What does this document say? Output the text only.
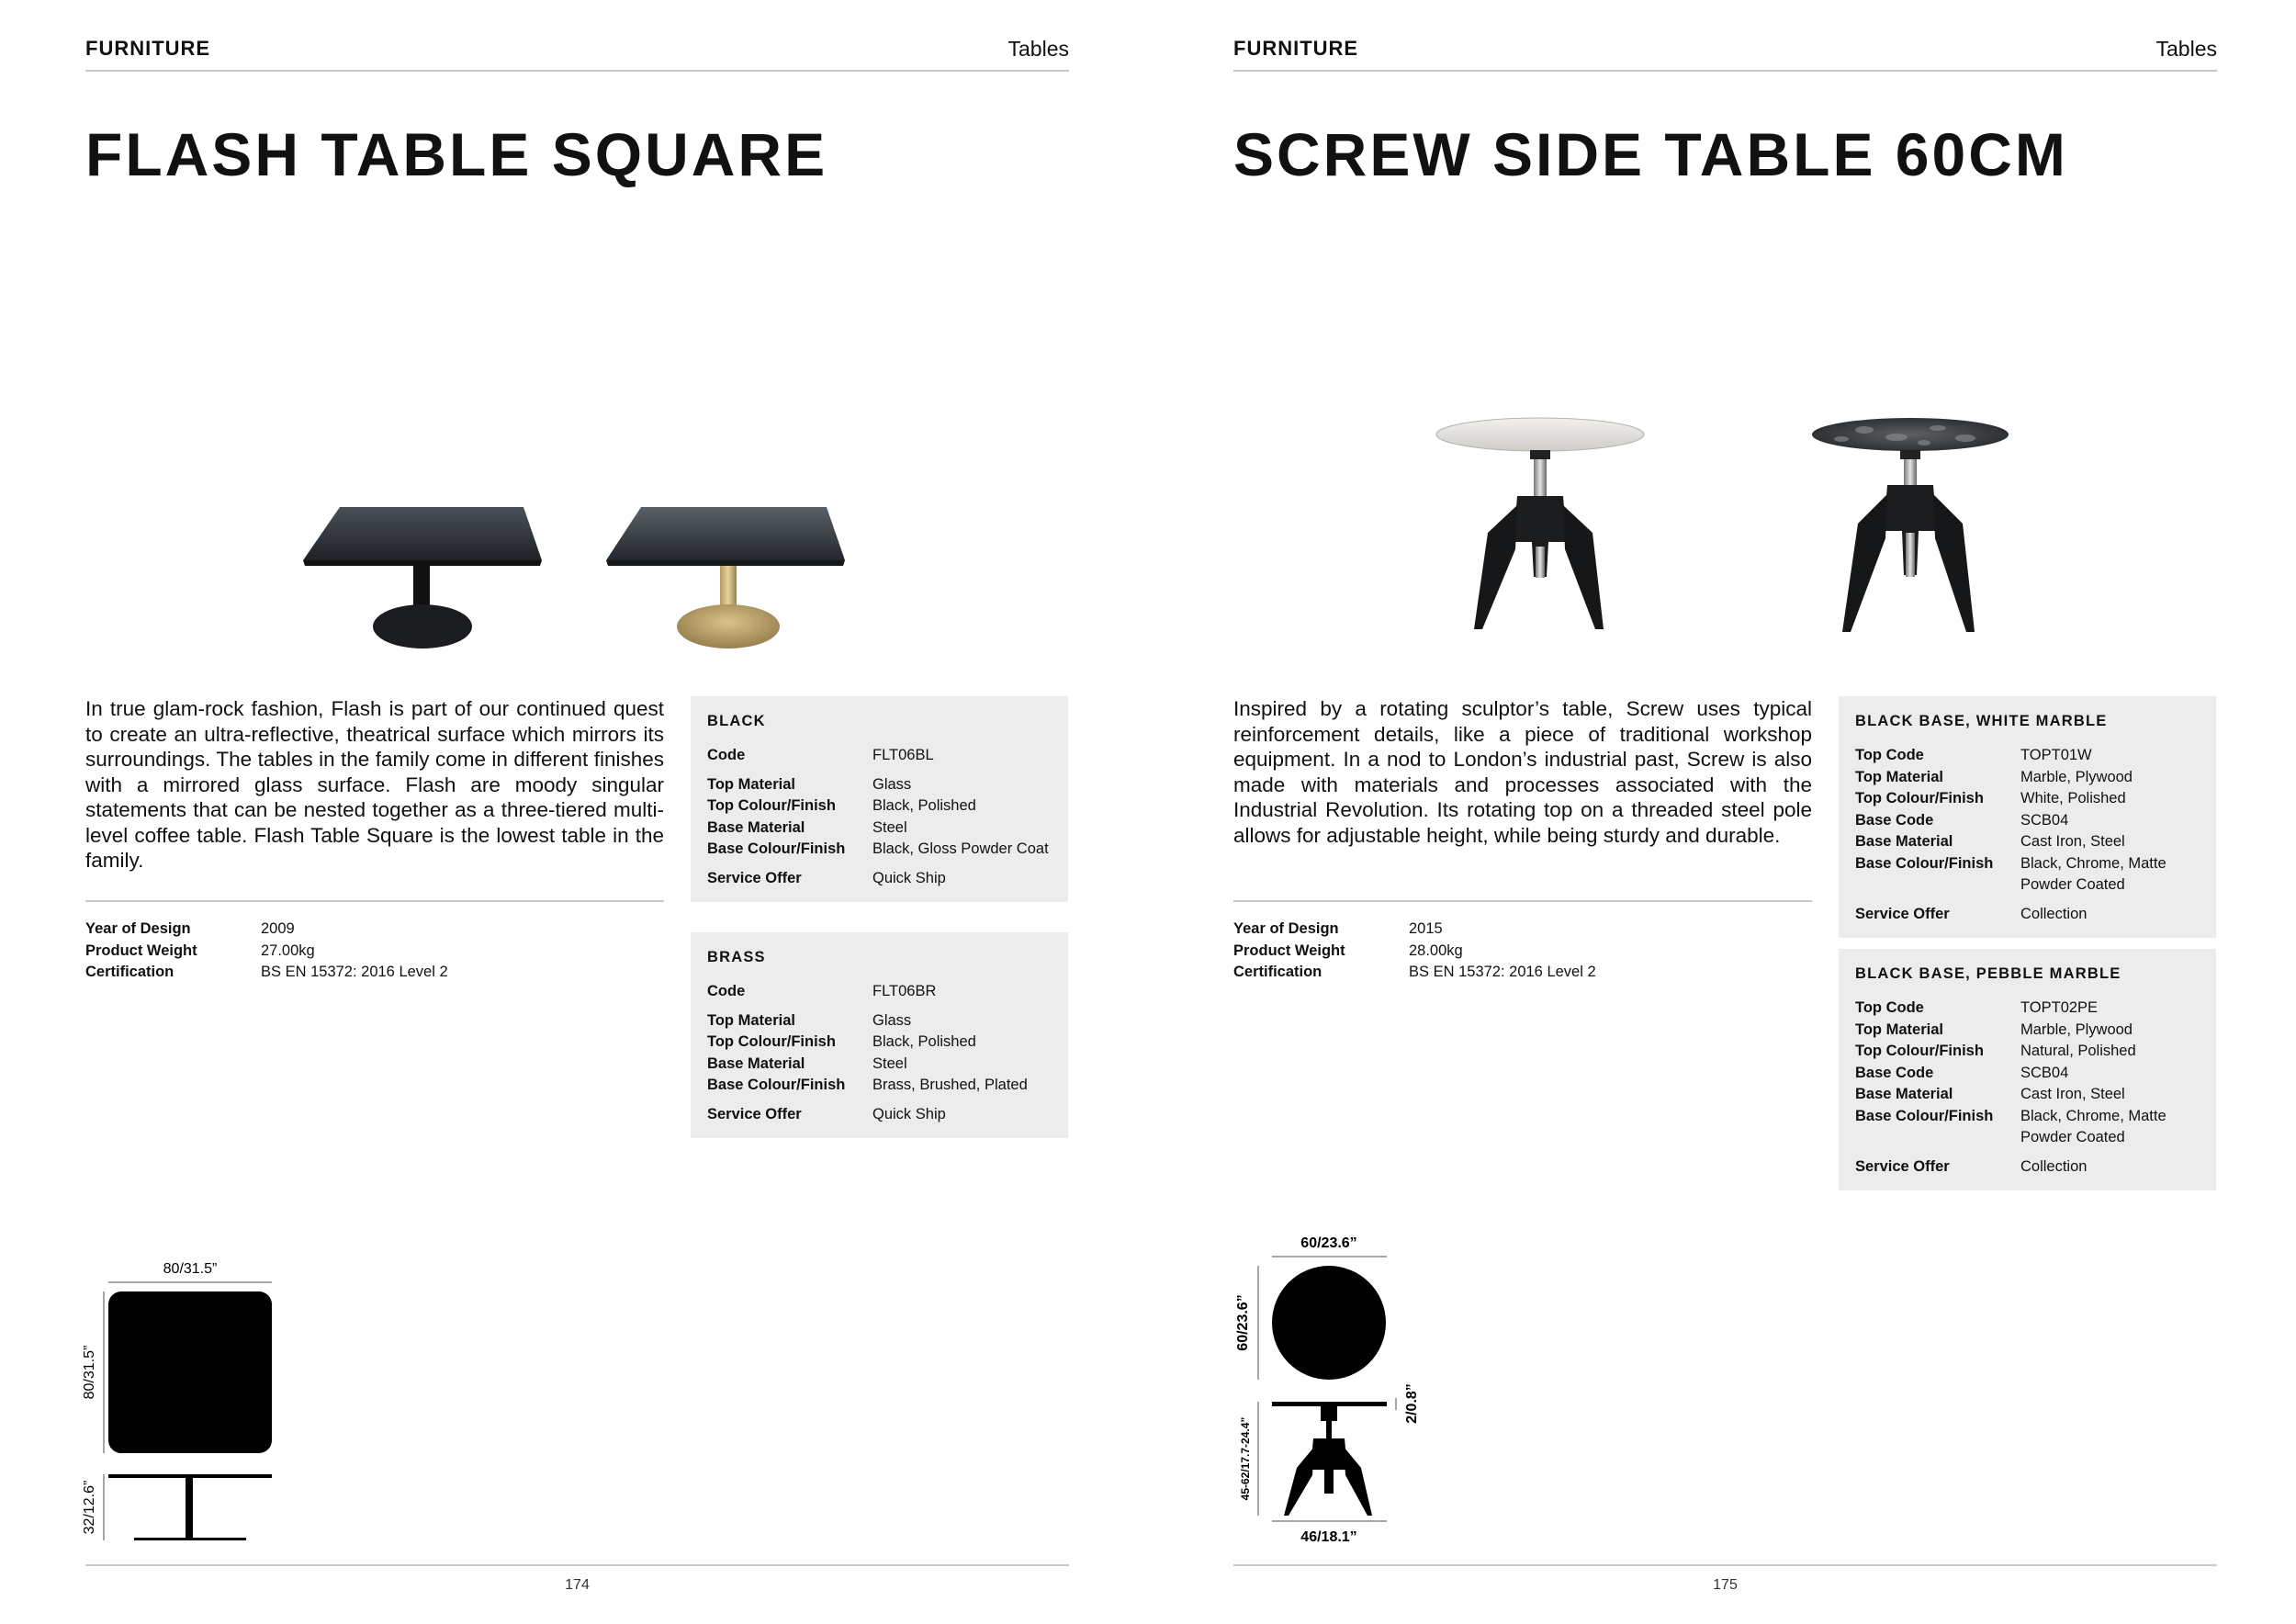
FURNITURE	Tables
FLASH TABLE SQUARE
In true glam-rock fashion, Flash is part of our continued quest to create an ultra-reflective, theatrical surface which mirrors its surroundings. The tables in the family come in different finishes with a mirrored glass surface. Flash are moody singular statements that can be nested together as a three-tiered multi-level coffee table. Flash Table Square is the lowest table in the family.
Year of Design	2009
Product Weight	27.00kg
Certification	BS EN 15372: 2016 Level 2
BLACK
Code	FLT06BL
Top Material	Glass
Top Colour/Finish	Black, Polished
Base Material	Steel
Base Colour/Finish	Black, Gloss Powder Coat
Service Offer	Quick Ship
BRASS
Code	FLT06BR
Top Material	Glass
Top Colour/Finish	Black, Polished
Base Material	Steel
Base Colour/Finish	Brass, Brushed, Plated
Service Offer	Quick Ship
80/31.5”
80/31.5”
32/12.6”
174
FURNITURE	Tables
SCREW SIDE TABLE 60CM
Inspired by a rotating sculptor’s table, Screw uses typical reinforcement details, like a piece of traditional workshop equipment. In a nod to London’s industrial past, Screw is also made with materials and processes associated with the Industrial Revolution. Its rotating top on a threaded steel pole allows for adjustable height, while being sturdy and durable.
Year of Design	2015
Product Weight	28.00kg
Certification	BS EN 15372: 2016 Level 2
BLACK BASE, WHITE MARBLE
Top Code	TOPT01W
Top Material	Marble, Plywood
Top Colour/Finish	White, Polished
Base Code	SCB04
Base Material	Cast Iron, Steel
Base Colour/Finish	Black, Chrome, Matte Powder Coated
Service Offer	Collection
BLACK BASE, PEBBLE MARBLE
Top Code	TOPT02PE
Top Material	Marble, Plywood
Top Colour/Finish	Natural, Polished
Base Code	SCB04
Base Material	Cast Iron, Steel
Base Colour/Finish	Black, Chrome, Matte Powder Coated
Service Offer	Collection
60/23.6”
60/23.6”
45-62/17.7-24.4”
2/0.8”
46/18.1”
175
